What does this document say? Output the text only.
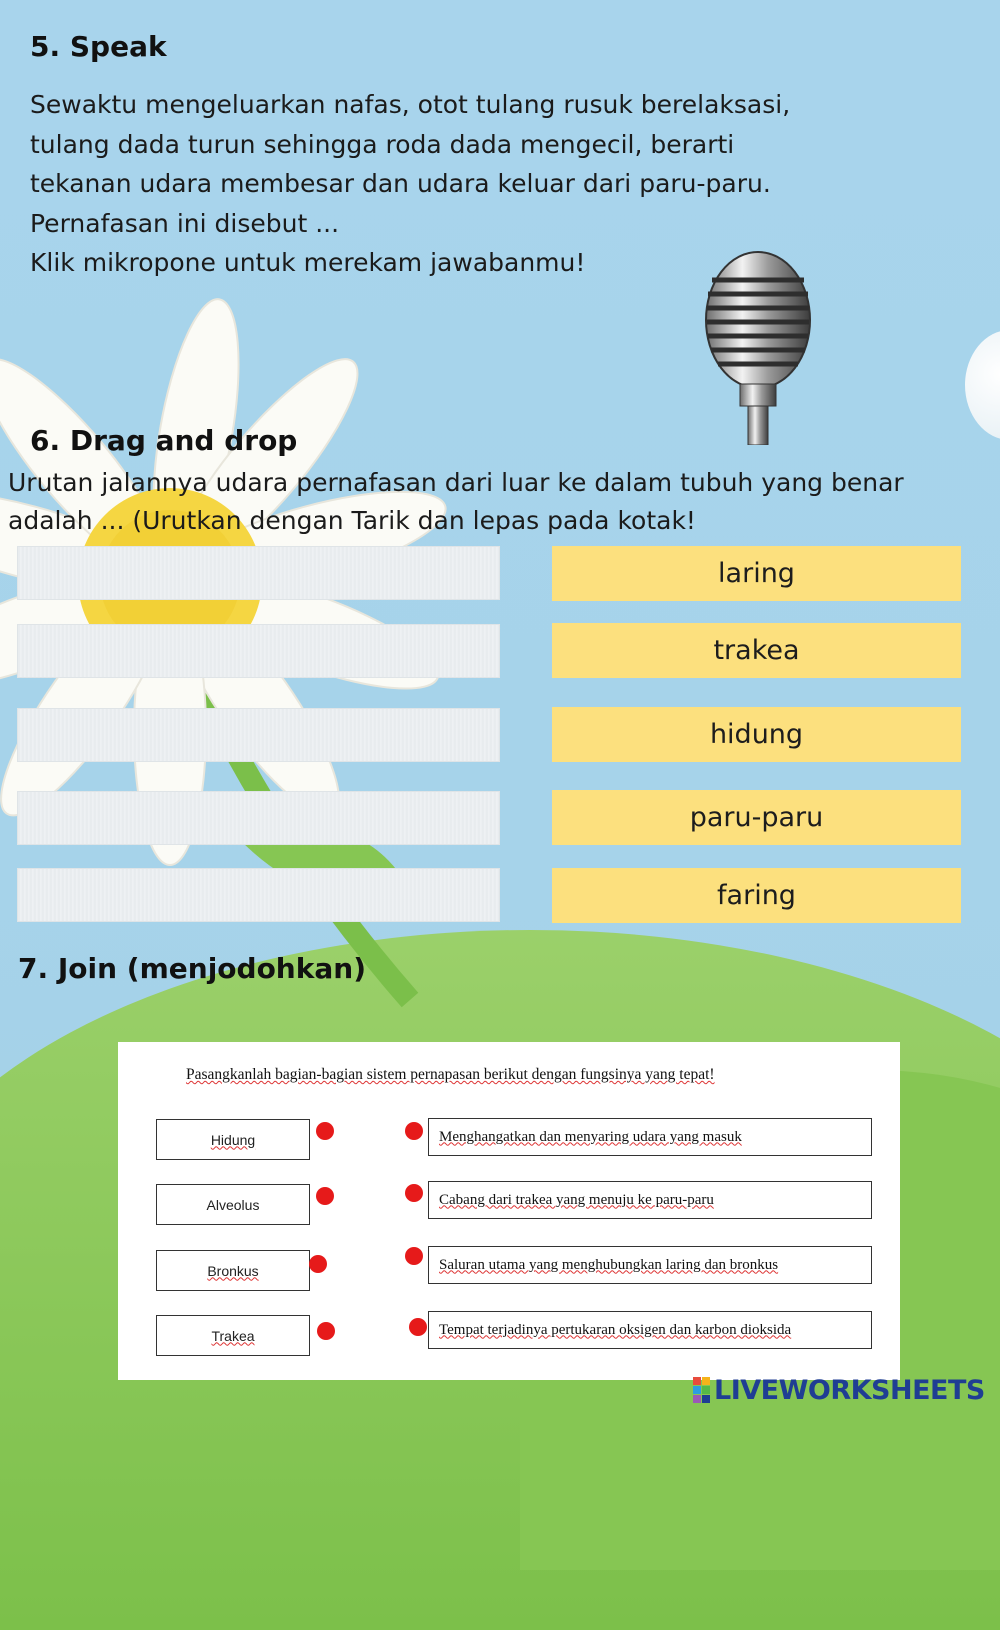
5. Speak

Sewaktu mengeluarkan nafas, otot tulang rusuk berelaksasi,

tulang dada turun sehingga roda dada mengecil, berarti

tekanan udara membesar dan udara keluar dari paru-paru.

Pernafasan ini disebut ...

Klik mikropone untuk merekam jawabanmu!

6. Drag and drop

Urutan jalannya udara pernafasan dari luar ke dalam tubuh yang benar

adalah ... (Urutkan dengan Tarik dan lepas pada kotak!

laring
trakea
hidung
paru-paru
faring
7. Join (menjodohkan)
Pasangkanlah bagian-bagian sistem pernapasan berikut dengan fungsinya yang tepat!
Hidung
Alveolus
Bronkus
Trakea
Menghangatkan dan menyaring udara yang masuk
Cabang dari trakea yang menuju ke paru-paru
Saluran utama yang menghubungkan laring dan bronkus
Tempat terjadinya pertukaran oksigen dan karbon dioksida
LIVEWORKSHEETS
